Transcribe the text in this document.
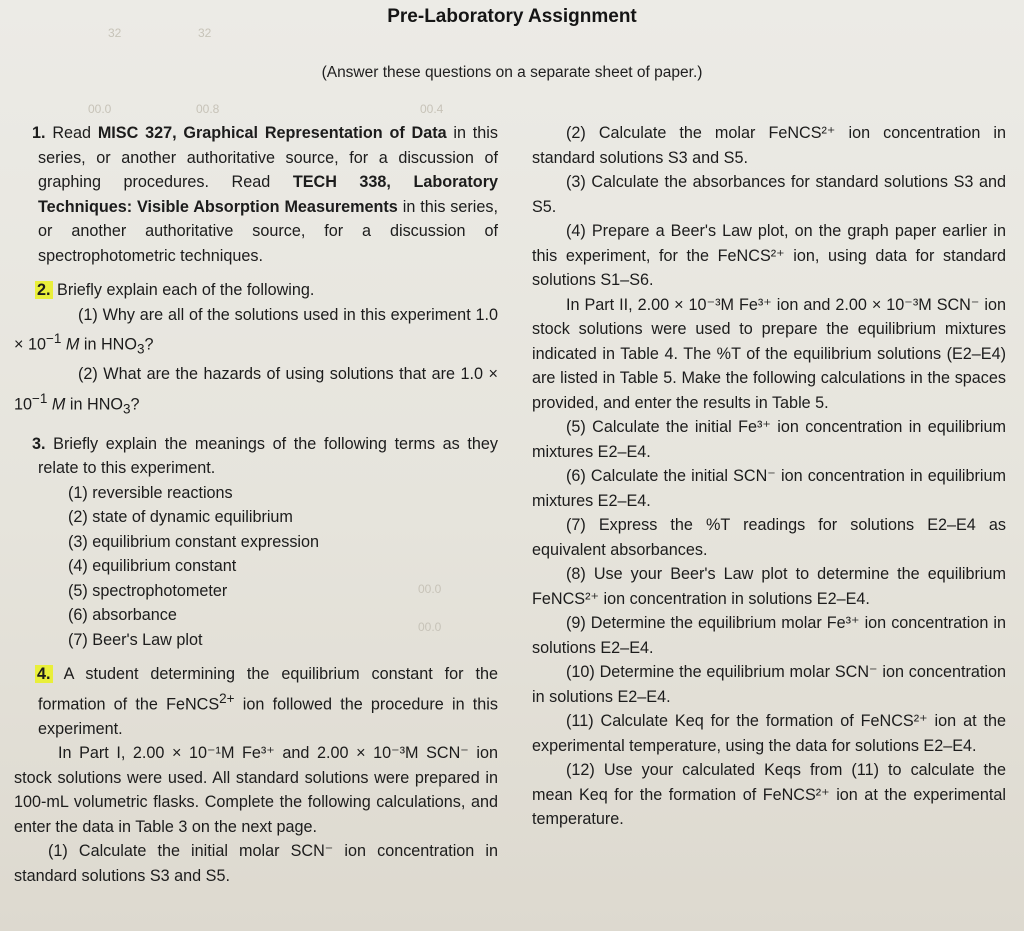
32	32
00.0	00.8	00.4
00.0
00.0
Pre-Laboratory Assignment
(Answer these questions on a separate sheet of paper.)

1. Read MISC 327, Graphical Representation of Data in this series, or another authoritative source, for a discussion of graphing procedures. Read TECH 338, Laboratory Techniques: Visible Absorption Measurements in this series, or another authoritative source, for a discussion of spectrophotometric techniques.

2. Briefly explain each of the following.

(1) Why are all of the solutions used in this experiment $1.0 \times 10^{-1}$ M in $HNO_3$?

(2) What are the hazards of using solutions that are $1.0 \times 10^{-1}$ M in $HNO_3$?

3. Briefly explain the meanings of the following terms as they relate to this experiment.

(1) reversible reactions
(2) state of dynamic equilibrium
(3) equilibrium constant expression
(4) equilibrium constant
(5) spectrophotometer
(6) absorbance
(7) Beer's Law plot

4. A student determining the equilibrium constant for the formation of the FeNCS$^{2+}$ ion followed the procedure in this experiment.

In Part I, 2.00 × 10⁻¹M Fe³⁺ and 2.00 × 10⁻³M SCN⁻ ion stock solutions were used. All standard solutions were prepared in 100-mL volumetric flasks. Complete the following calculations, and enter the data in Table 3 on the next page.

(1) Calculate the initial molar SCN⁻ ion concentration in standard solutions S3 and S5.

(2) Calculate the molar FeNCS²⁺ ion concentration in standard solutions S3 and S5.

(3) Calculate the absorbances for standard solutions S3 and S5.

(4) Prepare a Beer's Law plot, on the graph paper earlier in this experiment, for the FeNCS²⁺ ion, using data for standard solutions S1–S6.

In Part II, 2.00 × 10⁻³M Fe³⁺ ion and 2.00 × 10⁻³M SCN⁻ ion stock solutions were used to prepare the equilibrium mixtures indicated in Table 4. The %T of the equilibrium solutions (E2–E4) are listed in Table 5. Make the following calculations in the spaces provided, and enter the results in Table 5.

(5) Calculate the initial Fe³⁺ ion concentration in equilibrium mixtures E2–E4.

(6) Calculate the initial SCN⁻ ion concentration in equilibrium mixtures E2–E4.

(7) Express the %T readings for solutions E2–E4 as equivalent absorbances.

(8) Use your Beer's Law plot to determine the equilibrium FeNCS²⁺ ion concentration in solutions E2–E4.

(9) Determine the equilibrium molar Fe³⁺ ion concentration in solutions E2–E4.

(10) Determine the equilibrium molar SCN⁻ ion concentration in solutions E2–E4.

(11) Calculate Keq for the formation of FeNCS²⁺ ion at the experimental temperature, using the data for solutions E2–E4.

(12) Use your calculated Keqs from (11) to calculate the mean Keq for the formation of FeNCS²⁺ ion at the experimental temperature.
